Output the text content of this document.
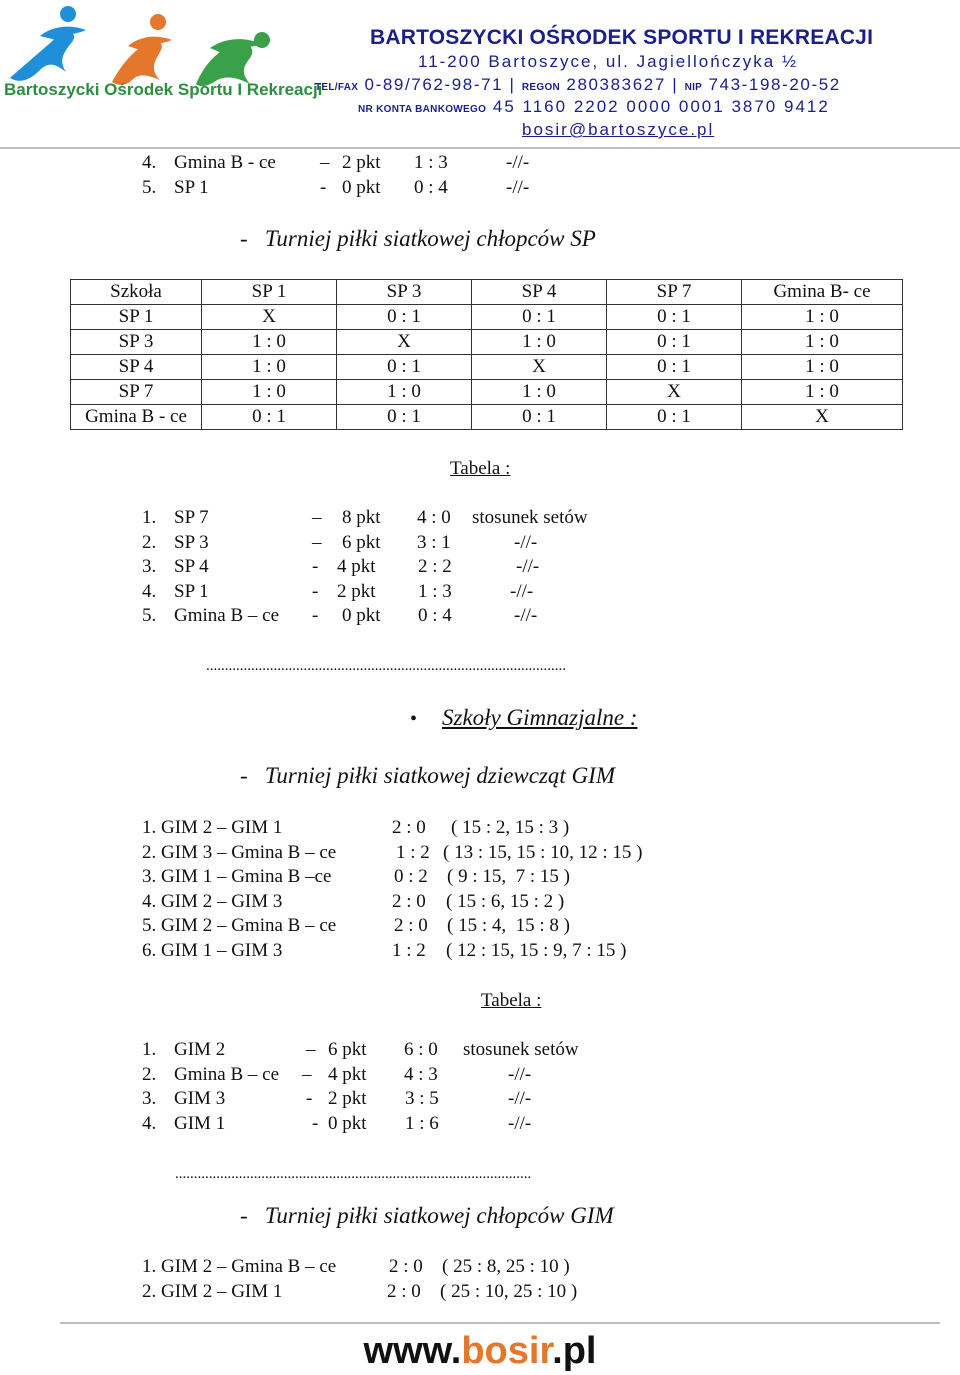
Bartoszycki Ośrodek Sportu I Rekreacji
BARTOSZYCKI OŚRODEK SPORTU I REKREACJI
11-200 Bartoszyce, ul. Jagiellończyka ½
TEL/FAX 0-89/762-98-71 | REGON 280383627 | NIP 743-198-20-52
NR KONTA BANKOWEGO 45 1160 2202 0000 0001 3870 9412
bosir@bartoszyce.pl
4. Gmina B - ce – 2 pkt 1 : 3	-//-
5. SP 1	- 0 pkt 0 : 4	-//-
-   Turniej piłki siatkowej chłopców SP
Szkoła	SP 1	SP 3	SP 4	SP 7	Gmina B- ce
SP 1	X	0 : 1	0 : 1	0 : 1	1 : 0
SP 3	1 : 0	X	1 : 0	0 : 1	1 : 0
SP 4	1 : 0	0 : 1	X	0 : 1	1 : 0
SP 7	1 : 0	1 : 0	1 : 0	X	1 : 0
Gmina B - ce	0 : 1	0 : 1	0 : 1	0 : 1	X
Tabela :
1. SP 7	– 8 pkt 4 : 0 stosunek setów
2. SP 3	– 6 pkt 3 : 1	-//-
3. SP 4	- 4 pkt 2 : 2	-//-
4. SP 1	- 2 pkt 1 : 3	-//-
5. Gmina B – ce - 0 pkt 0 : 4	-//-
................................................................................................
• Szkoły Gimnazjalne :
-   Turniej piłki siatkowej dziewcząt GIM
1. GIM 2 – GIM 1	2 : 0 ( 15 : 2, 15 : 3 )
2. GIM 3 – Gmina B – ce	1 : 2 ( 13 : 15, 15 : 10, 12 : 15 )
3. GIM 1 – Gmina B –ce	0 : 2 ( 9 : 15,  7 : 15 )
4. GIM 2 – GIM 3	2 : 0 ( 15 : 6, 15 : 2 )
5. GIM 2 – Gmina B – ce	2 : 0 ( 15 : 4,  15 : 8 )
6. GIM 1 – GIM 3	1 : 2 ( 12 : 15, 15 : 9, 7 : 15 )
Tabela :
1. GIM 2	– 6 pkt 6 : 0 stosunek setów
2. Gmina B – ce – 4 pkt 4 : 3	-//-
3. GIM 3	- 2 pkt 3 : 5	-//-
4. GIM 1	- 0 pkt 1 : 6	-//-
...............................................................................................
-   Turniej piłki siatkowej chłopców GIM
1. GIM 2 – Gmina B – ce	2 : 0 ( 25 : 8, 25 : 10 )
2. GIM 2 – GIM 1	2 : 0 ( 25 : 10, 25 : 10 )
www.bosir.pl
